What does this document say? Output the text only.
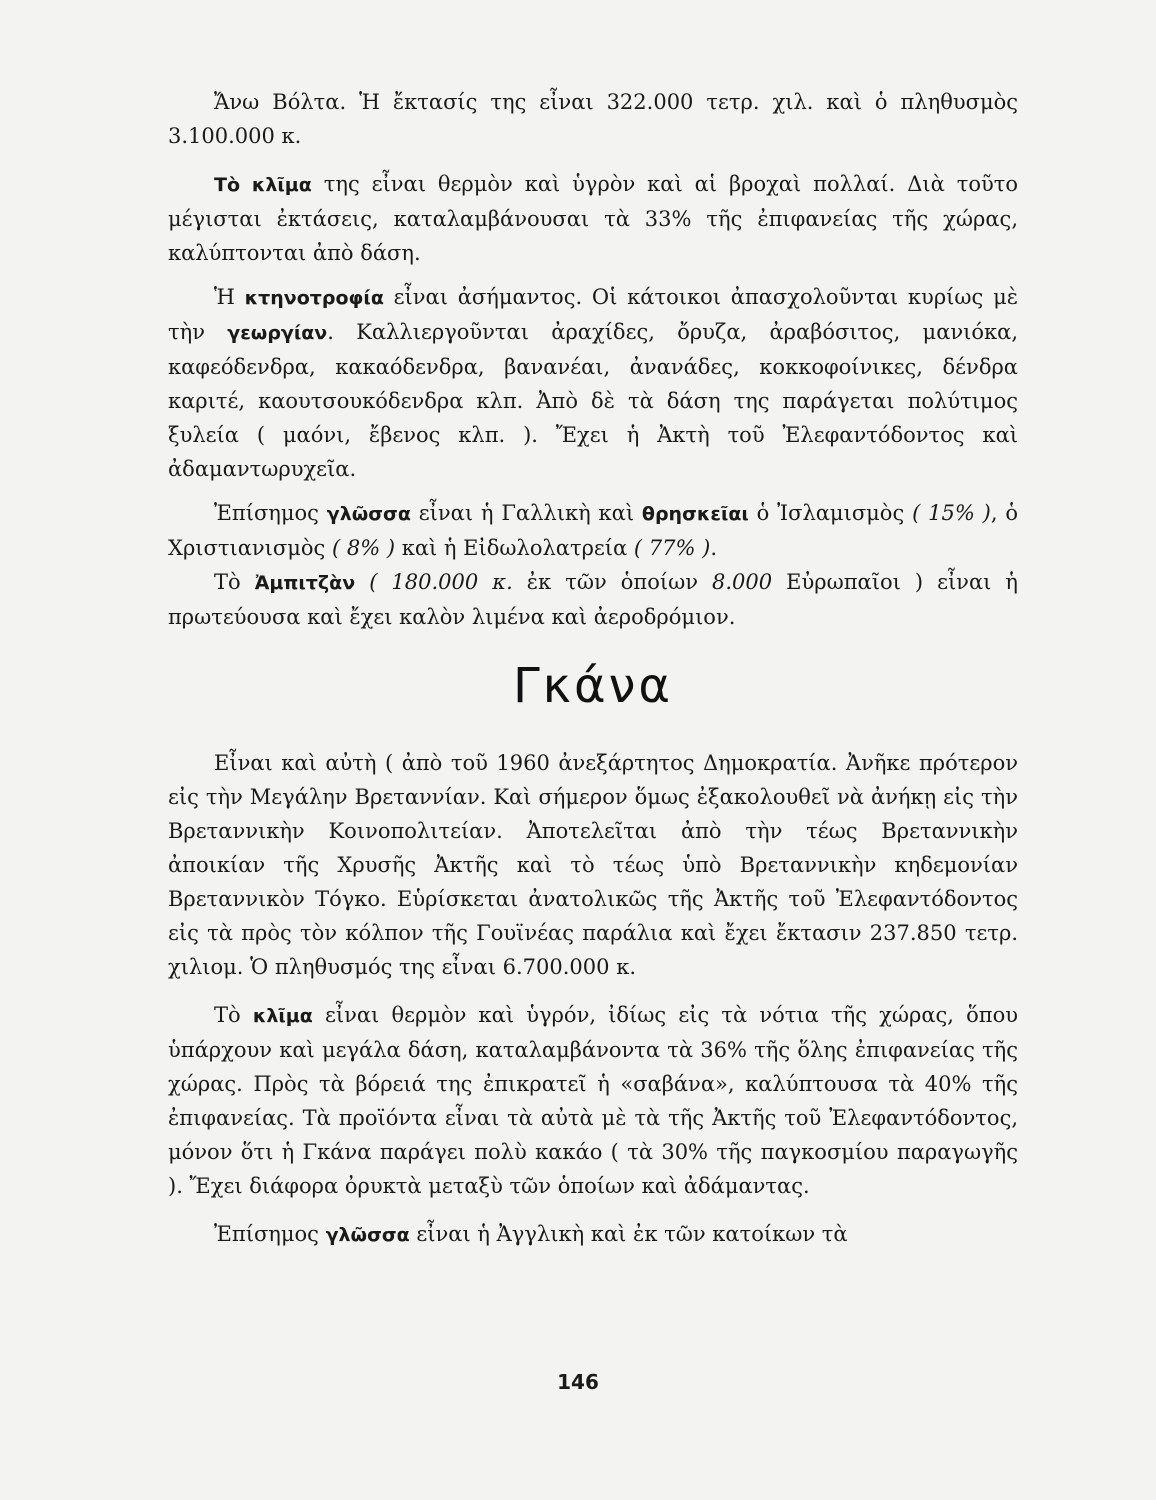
Ἄνω Βόλτα. Ἡ ἔκτασίς της εἶναι 322.000 τετρ. χιλ. καὶ ὁ πληθυσμὸς 3.100.000 κ.

Τὸ κλῖμα της εἶναι θερμὸν καὶ ὑγρὸν καὶ αἱ βροχαὶ πολλαί. Διὰ τοῦτο μέγισται ἐκτάσεις, καταλαμβάνουσαι τὰ 33% τῆς ἐπιφανείας τῆς χώρας, καλύπτονται ἀπὸ δάση.

Ἡ κτηνοτροφία εἶναι ἀσήμαντος. Οἱ κάτοικοι ἀπασχολοῦνται κυρίως μὲ τὴν γεωργίαν. Καλλιεργοῦνται ἀραχίδες, ὄρυζα, ἀραβόσιτος, μανιόκα, καφεόδενδρα, κακαόδενδρα, βανανέαι, ἀνανάδες, κοκκοφοίνικες, δένδρα καριτέ, καουτσουκόδενδρα κλπ. Ἀπὸ δὲ τὰ δάση της παράγεται πολύτιμος ξυλεία ( μαόνι, ἔβενος κλπ. ). Ἔχει ἡ Ἀκτὴ τοῦ Ἐλεφαντόδοντος καὶ ἀδαμαντωρυχεῖα.

Ἐπίσημος γλῶσσα εἶναι ἡ Γαλλικὴ καὶ θρησκεῖαι ὁ Ἰσλαμισμὸς ( 15% ), ὁ Χριστιανισμὸς ( 8% ) καὶ ἡ Εἰδωλολατρεία ( 77% ).

Τὸ Ἀμπιτζὰν ( 180.000 κ. ἐκ τῶν ὁποίων 8.000 Εὐρωπαῖοι ) εἶναι ἡ πρωτεύουσα καὶ ἔχει καλὸν λιμένα καὶ ἀεροδρόμιον.

Γκάνα

Εἶναι καὶ αὐτὴ ( ἀπὸ τοῦ 1960 ἀνεξάρτητος Δημοκρατία. Ἀνῆκε πρότερον εἰς τὴν Μεγάλην Βρεταννίαν. Καὶ σήμερον ὅμως ἐξακολουθεῖ νὰ ἀνήκῃ εἰς τὴν Βρεταννικὴν Κοινοπολιτείαν. Ἀποτελεῖται ἀπὸ τὴν τέως Βρεταννικὴν ἀποικίαν τῆς Χρυσῆς Ἀκτῆς καὶ τὸ τέως ὑπὸ Βρεταννικὴν κηδεμονίαν Βρεταννικὸν Τόγκο. Εὑρίσκεται ἀνατολικῶς τῆς Ἀκτῆς τοῦ Ἐλεφαντόδοντος εἰς τὰ πρὸς τὸν κόλπον τῆς Γουϊνέας παράλια καὶ ἔχει ἔκτασιν 237.850 τετρ. χιλιομ. Ὁ πληθυσμός της εἶναι 6.700.000 κ.

Τὸ κλῖμα εἶναι θερμὸν καὶ ὑγρόν, ἰδίως εἰς τὰ νότια τῆς χώρας, ὅπου ὑπάρχουν καὶ μεγάλα δάση, καταλαμβάνοντα τὰ 36% τῆς ὅλης ἐπιφανείας τῆς χώρας. Πρὸς τὰ βόρειά της ἐπικρατεῖ ἡ «σαβάνα», καλύπτουσα τὰ 40% τῆς ἐπιφανείας. Τὰ προϊόντα εἶναι τὰ αὐτὰ μὲ τὰ τῆς Ἀκτῆς τοῦ Ἐλεφαντόδοντος, μόνον ὅτι ἡ Γκάνα παράγει πολὺ κακάο ( τὰ 30% τῆς παγκοσμίου παραγωγῆς ). Ἔχει διάφορα ὀρυκτὰ μεταξὺ τῶν ὁποίων καὶ ἀδάμαντας.

Ἐπίσημος γλῶσσα εἶναι ἡ Ἀγγλικὴ καὶ ἐκ τῶν κατοίκων τὰ

146
